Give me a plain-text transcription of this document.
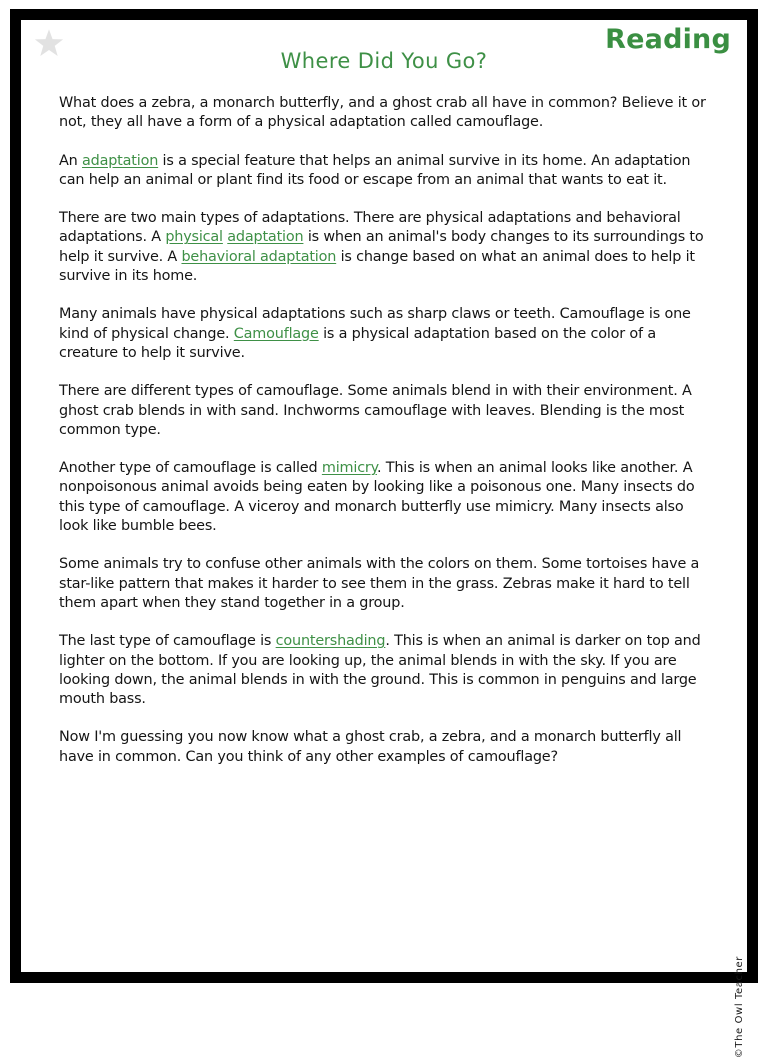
Where Did You Go?
Reading

What does a zebra, a monarch butterfly, and a ghost crab all have in common? Believe it or not, they all have a form of a physical adaptation called camouflage.

An adaptation is a special feature that helps an animal survive in its home. An adaptation can help an animal or plant find its food or escape from an animal that wants to eat it.

There are two main types of adaptations. There are physical adaptations and behavioral adaptations. A physical adaptation is when an animal's body changes to its surroundings to help it survive. A behavioral adaptation is change based on what an animal does to help it survive in its home.

Many animals have physical adaptations such as sharp claws or teeth. Camouflage is one kind of physical change. Camouflage is a physical adaptation based on the color of a creature to help it survive.

There are different types of camouflage. Some animals blend in with their environment. A ghost crab blends in with sand. Inchworms camouflage with leaves. Blending is the most common type.

Another type of camouflage is called mimicry. This is when an animal looks like another. A nonpoisonous animal avoids being eaten by looking like a poisonous one. Many insects do this type of camouflage. A viceroy and monarch butterfly use mimicry. Many insects also look like bumble bees.

Some animals try to confuse other animals with the colors on them. Some tortoises have a star-like pattern that makes it harder to see them in the grass. Zebras make it hard to tell them apart when they stand together in a group.

The last type of camouflage is countershading. This is when an animal is darker on top and lighter on the bottom. If you are looking up, the animal blends in with the sky. If you are looking down, the animal blends in with the ground. This is common in penguins and large mouth bass.

Now I'm guessing you now know what a ghost crab, a zebra, and a monarch butterfly all have in common. Can you think of any other examples of camouflage?

©The Owl Teacher
